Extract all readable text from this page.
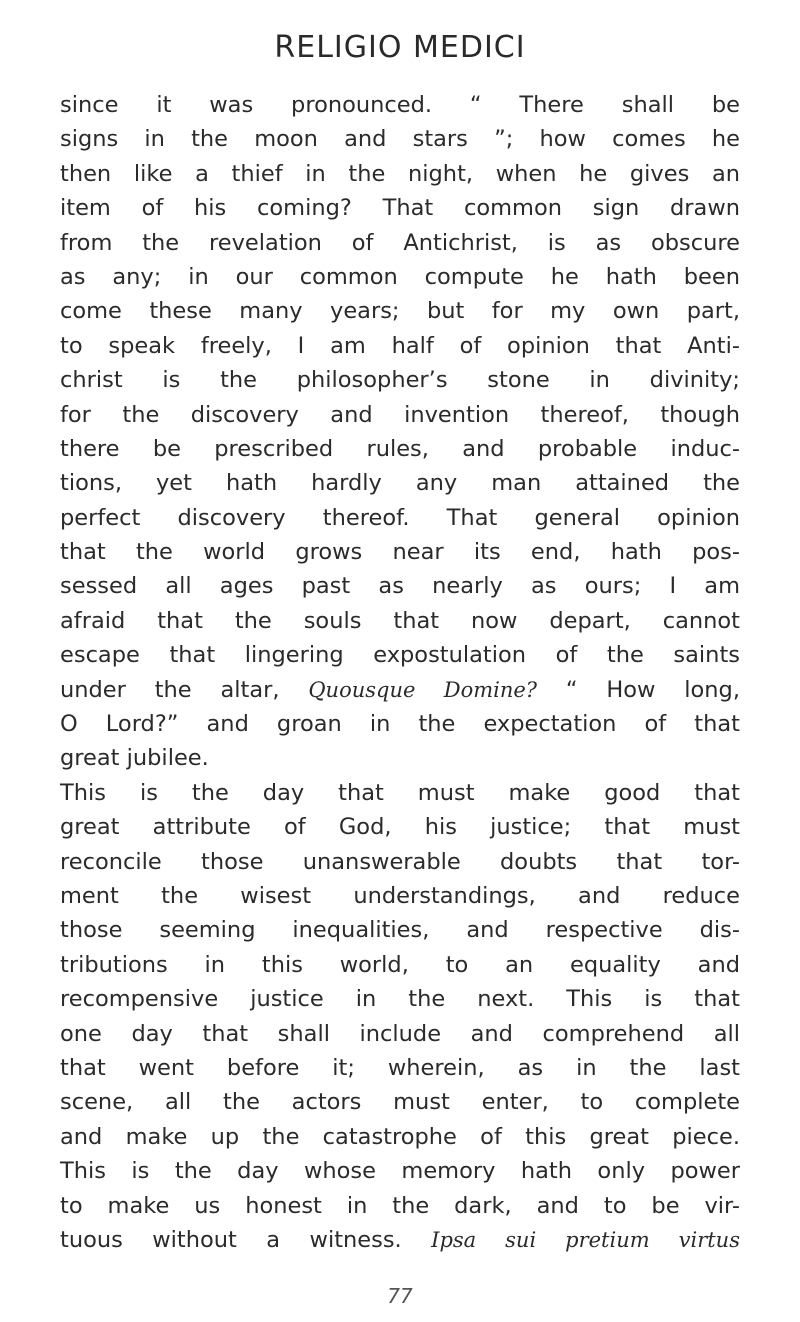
RELIGIO MEDICI
since it was pronounced. “ There shall be
signs in the moon and stars ”; how comes he
then like a thief in the night, when he gives an
item of his coming? That common sign drawn
from the revelation of Antichrist, is as obscure
as any; in our common compute he hath been
come these many years; but for my own part,
to speak freely, I am half of opinion that Anti-
christ is the philosopher’s stone in divinity;
for the discovery and invention thereof, though
there be prescribed rules, and probable induc-
tions, yet hath hardly any man attained the
perfect discovery thereof. That general opinion
that the world grows near its end, hath pos-
sessed all ages past as nearly as ours; I am
afraid that the souls that now depart, cannot
escape that lingering expostulation of the saints
under the altar, Quousque Domine? “ How long,
O Lord?” and groan in the expectation of that
great jubilee.
This is the day that must make good that
great attribute of God, his justice; that must
reconcile those unanswerable doubts that tor-
ment the wisest understandings, and reduce
those seeming inequalities, and respective dis-
tributions in this world, to an equality and
recompensive justice in the next. This is that
one day that shall include and comprehend all
that went before it; wherein, as in the last
scene, all the actors must enter, to complete
and make up the catastrophe of this great piece.
This is the day whose memory hath only power
to make us honest in the dark, and to be vir-
tuous without a witness. Ipsa sui pretium virtus
77
